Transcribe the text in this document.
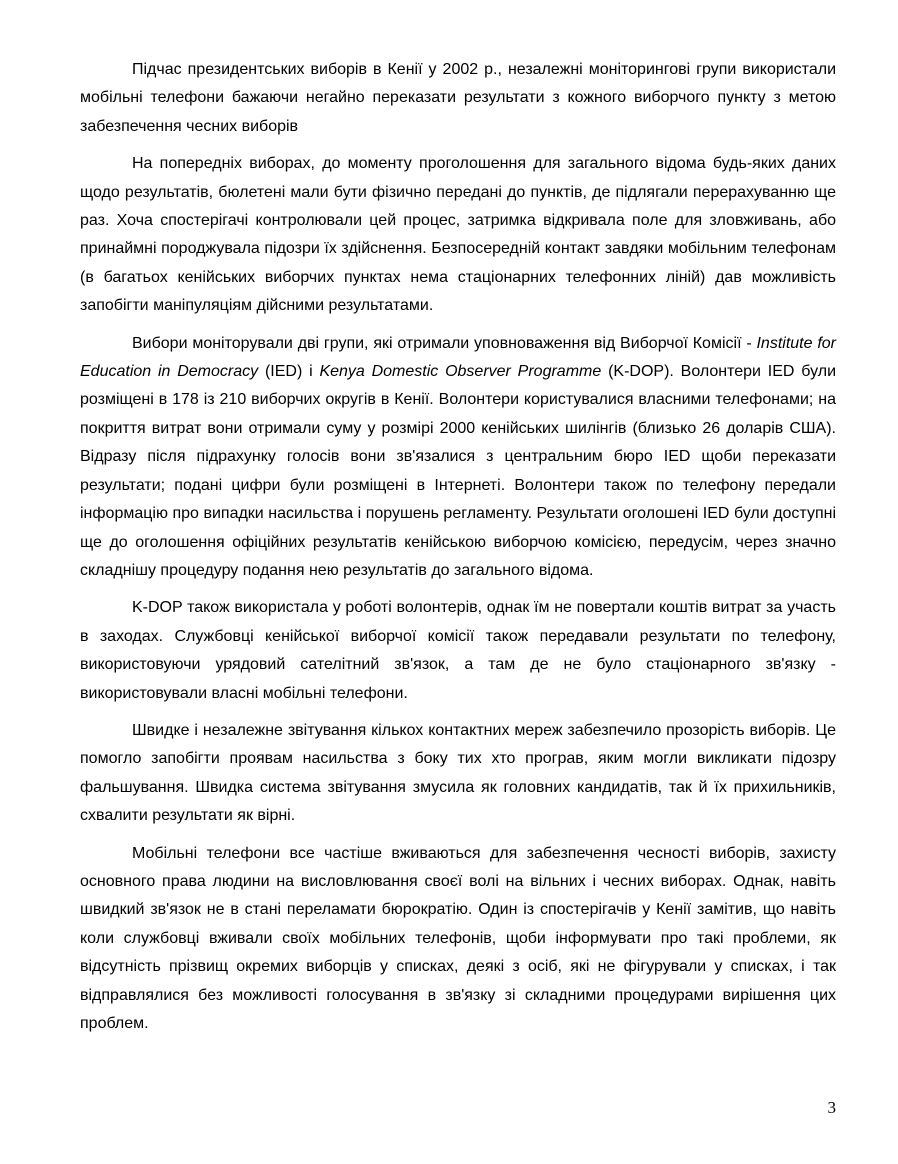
Підчас президентських виборів в Кенії у 2002 р., незалежні моніторингові групи використали мобільні телефони бажаючи негайно переказати результати з кожного виборчого пункту з метою забезпечення чесних виборів

На попередніх виборах, до моменту проголошення для загального відома будь-яких даних щодо результатів, бюлетені мали бути фізично передані до пунктів, де підлягали перерахуванню ще раз. Хоча спостерігачі контролювали цей процес, затримка відкривала поле для зловживань, або принаймні породжувала підозри їх здійснення. Безпосередній контакт завдяки мобільним телефонам (в багатьох кенійських виборчих пунктах нема стаціонарних телефонних ліній) дав можливість запобігти маніпуляціям дійсними результатами.

Вибори моніторували дві групи, які отримали уповноваження від Виборчої Комісії - Institute for Education in Democracy (IED) і Kenya Domestic Observer Programme (K-DOP). Волонтери IED були розміщені в 178 із 210 виборчих округів в Кенії. Волонтери користувалися власними телефонами; на покриття витрат вони отримали суму у розмірі 2000 кенійських шилінгів (близько 26 доларів США). Відразу після підрахунку голосів вони зв'язалися з центральним бюро IED щоби переказати результати; подані цифри були розміщені в Інтернеті. Волонтери також по телефону передали інформацію про випадки насильства і порушень регламенту. Результати оголошені IED були доступні ще до оголошення офіційних результатів кенійською виборчою комісією, передусім, через значно складнішу процедуру подання нею результатів до загального відома.

K-DOP також використала у роботі волонтерів, однак їм не повертали коштів витрат за участь в заходах. Службовці кенійської виборчої комісії також передавали результати по телефону, використовуючи урядовий сателітний зв'язок, а там де не було стаціонарного зв'язку - використовували власні мобільні телефони.

Швидке і незалежне звітування кількох контактних мереж забезпечило прозорість виборів. Це помогло запобігти проявам насильства з боку тих хто програв, яким могли викликати підозру фальшування. Швидка система звітування змусила як головних кандидатів, так й їх прихильників, схвалити результати як вірні.

Мобільні телефони все частіше вживаються для забезпечення чесності виборів, захисту основного права людини на висловлювання своєї волі на вільних і чесних виборах. Однак, навіть швидкий зв'язок не в стані переламати бюрократію. Один із спостерігачів у Кенії замітив, що навіть коли службовці вживали своїх мобільних телефонів, щоби інформувати про такі проблеми, як відсутність прізвищ окремих виборців у списках, деякі з осіб, які не фігурували у списках, і так відправлялися без можливості голосування в зв'язку зі складними процедурами вирішення цих проблем.

3
